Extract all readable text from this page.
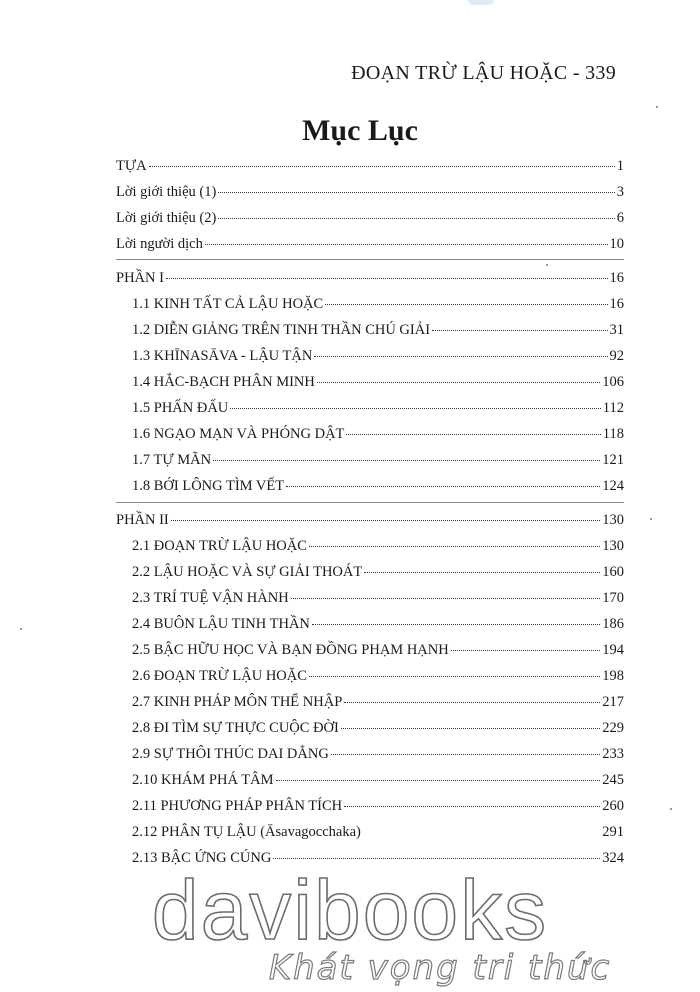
ĐOẠN TRỪ LẬU HOẶC - 339
Mục Lục
TỰA	1
Lời giới thiệu (1)	3
Lời giới thiệu (2)	6
Lời người dịch	10
PHẦN I	16
1.1 KINH TẤT CẢ LẬU HOẶC	16
1.2 DIỄN GIẢNG TRÊN TINH THẦN CHÚ GIẢI	31
1.3 KHĪNASĀVA - LẬU TẬN	92
1.4 HẮC-BẠCH PHÂN MINH	106
1.5 PHẤN ĐẤU	112
1.6 NGẠO MẠN VÀ PHÓNG DẬT	118
1.7 TỰ MÃN	121
1.8 BỚI LÔNG TÌM VẾT	124
PHẦN II	130
2.1 ĐOẠN TRỪ LẬU HOẶC	130
2.2 LẬU HOẶC VÀ SỰ GIẢI THOÁT	160
2.3 TRÍ TUỆ VẬN HÀNH	170
2.4 BUÔN LẬU TINH THẦN	186
2.5 BẬC HỮU HỌC VÀ BẠN ĐỒNG PHẠM HẠNH	194
2.6 ĐOẠN TRỪ LẬU HOẶC	198
2.7 KINH PHÁP MÔN THỂ NHẬP	217
2.8 ĐI TÌM SỰ THỰC CUỘC ĐỜI	229
2.9 SỰ THÔI THÚC DAI DẲNG	233
2.10 KHÁM PHÁ TÂM	245
2.11 PHƯƠNG PHÁP PHÂN TÍCH	260
2.12 PHÂN TỤ LẬU (Āsavagocchaka)	291
2.13 BẬC ỨNG CÚNG	324
davibooks
Khát vọng tri thức
